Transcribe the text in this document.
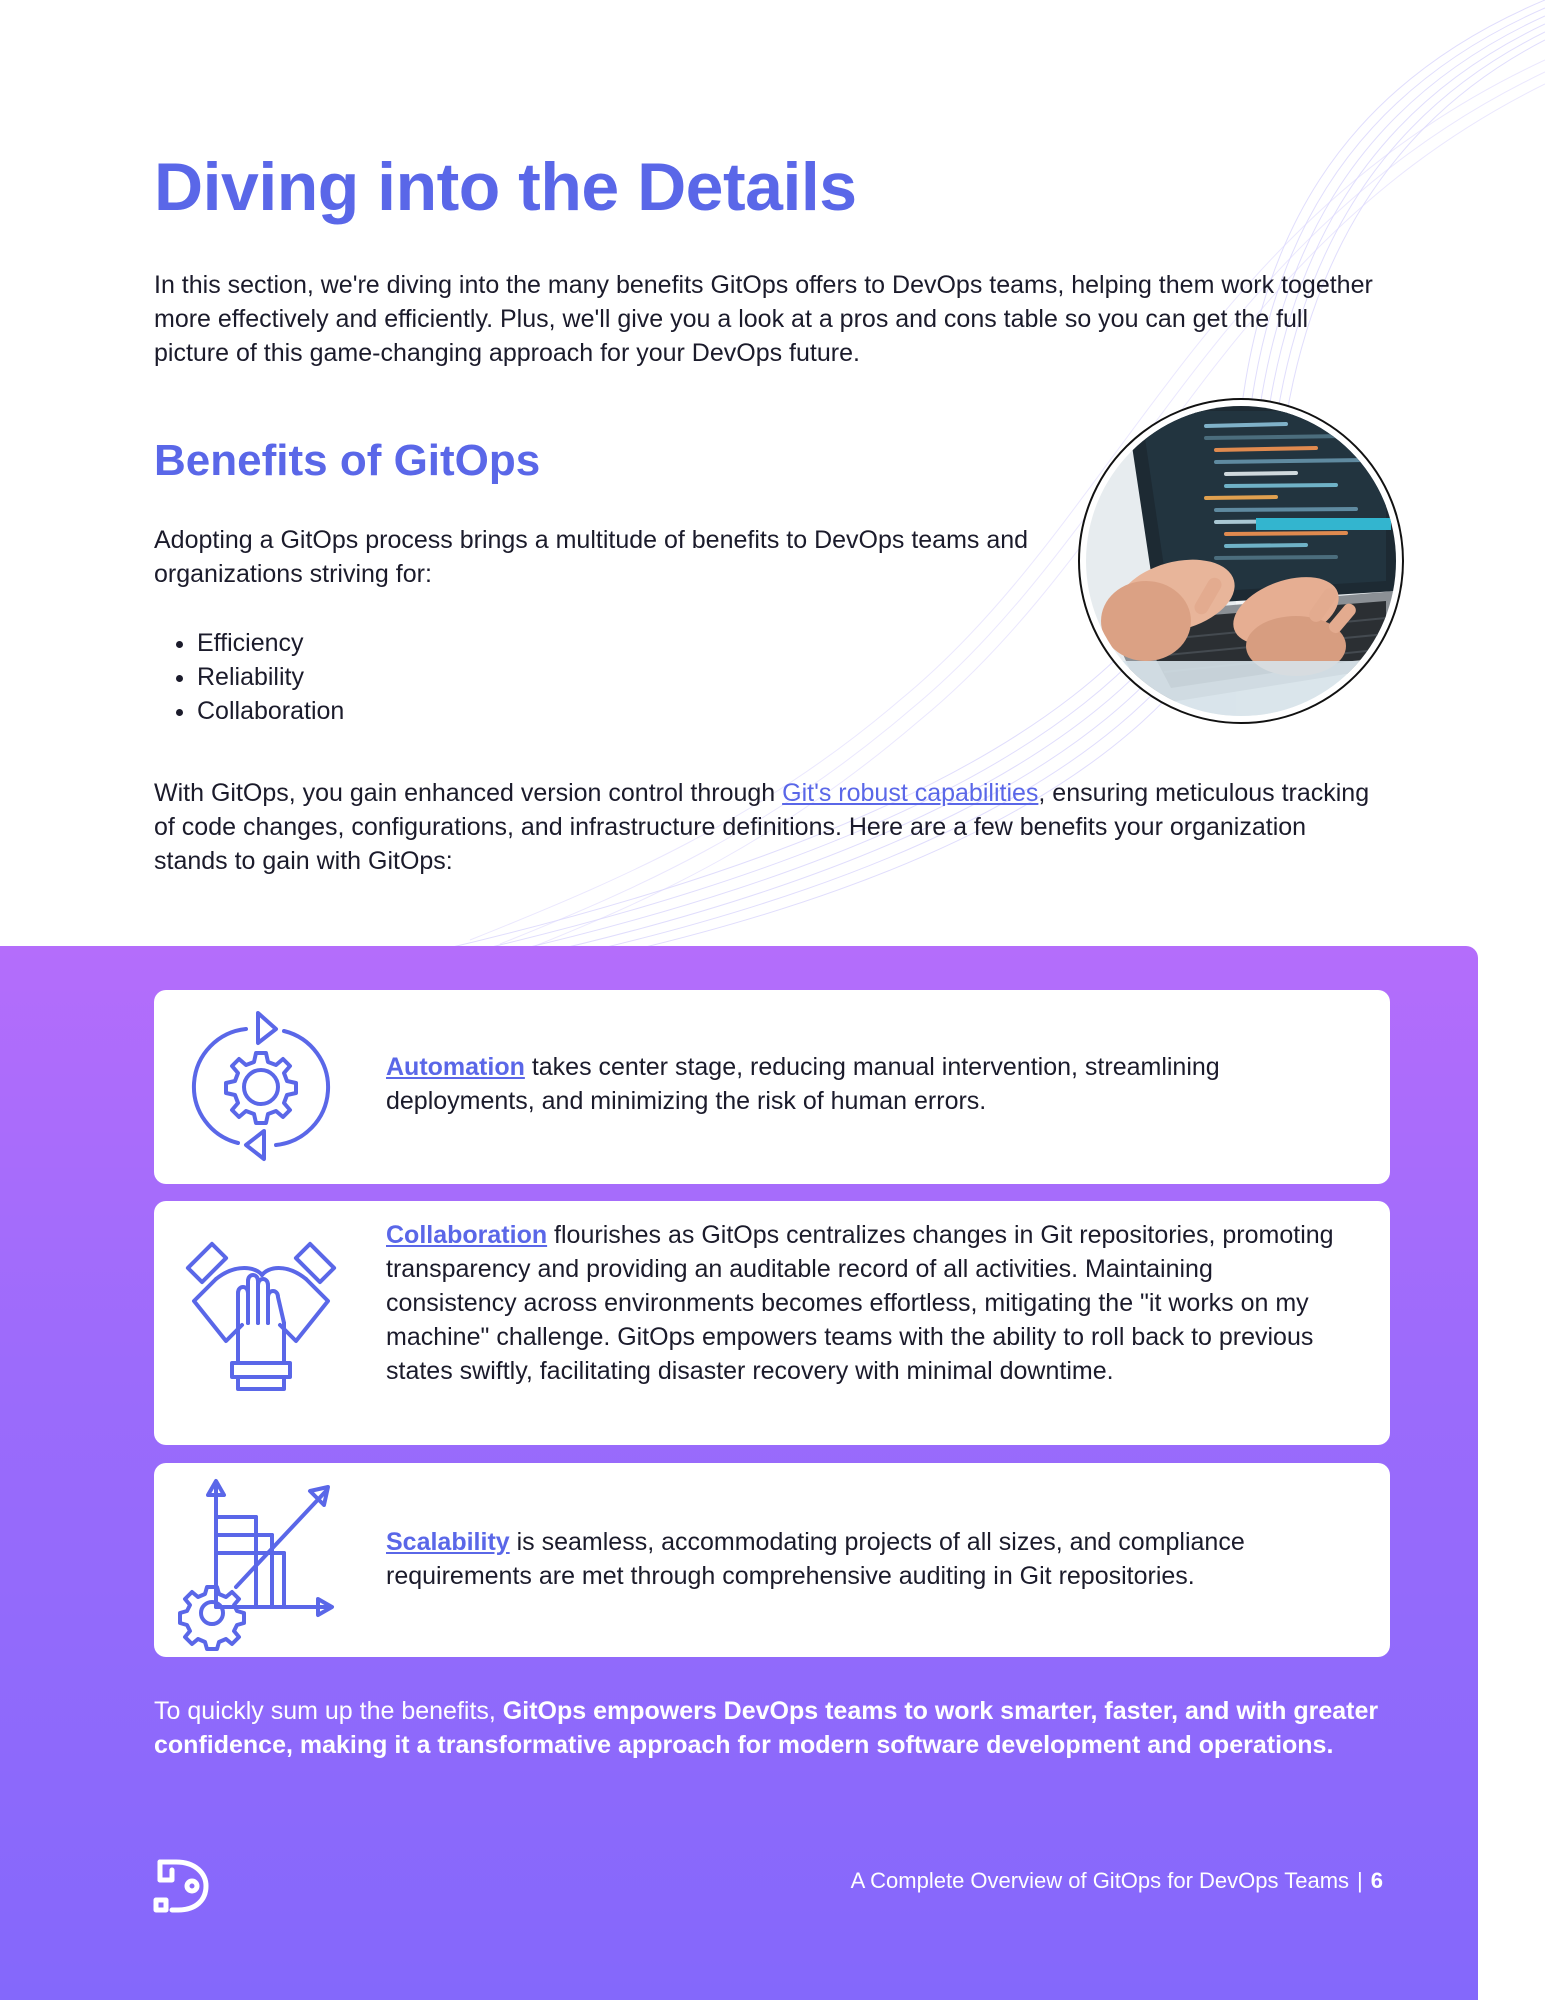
Diving into the Details

In this section, we're diving into the many benefits GitOps offers to DevOps teams, helping them work together more effectively and efficiently. Plus, we'll give you a look at a pros and cons table so you can get the full picture of this game-changing approach for your DevOps future.

Benefits of GitOps

Adopting a GitOps process brings a multitude of benefits to DevOps teams and organizations striving for:

• Efficiency
• Reliability
• Collaboration

With GitOps, you gain enhanced version control through Git's robust capabilities, ensuring meticulous tracking of code changes, configurations, and infrastructure definitions. Here are a few benefits your organization stands to gain with GitOps:

Automation takes center stage, reducing manual intervention, streamlining deployments, and minimizing the risk of human errors.

Collaboration flourishes as GitOps centralizes changes in Git repositories, promoting transparency and providing an auditable record of all activities. Maintaining consistency across environments becomes effortless, mitigating the "it works on my machine" challenge. GitOps empowers teams with the ability to roll back to previous states swiftly, facilitating disaster recovery with minimal downtime.

Scalability is seamless, accommodating projects of all sizes, and compliance requirements are met through comprehensive auditing in Git repositories.

To quickly sum up the benefits, GitOps empowers DevOps teams to work smarter, faster, and with greater confidence, making it a transformative approach for modern software development and operations.

A Complete Overview of GitOps for DevOps Teams | 6
